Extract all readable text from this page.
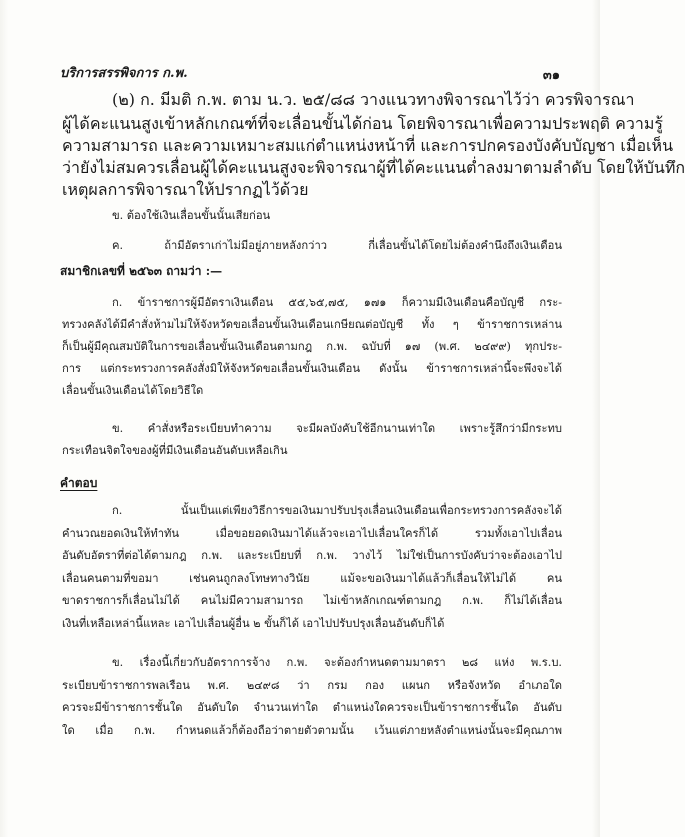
บริการสรรพิจการ ก.พ.	๓๑
(๒) ก. มีมติ ก.พ. ตาม น.ว. ๒๕/๘๘ วางแนวทางพิจารณาไว้ว่า ควรพิจารณา
ผู้ได้คะแนนสูงเข้าหลักเกณฑ์ที่จะเลื่อนขั้นได้ก่อน โดยพิจารณาเพื่อความประพฤติ ความรู้
ความสามารถ และความเหมาะสมแก่ตำแหน่งหน้าที่ และการปกครองบังคับบัญชา เมื่อเห็น
ว่ายังไม่สมควรเลื่อนผู้ได้คะแนนสูงจะพิจารณาผู้ที่ได้คะแนนต่ำลงมาตามลำดับ โดยให้บันทึก
เหตุผลการพิจารณาให้ปรากฏไว้ด้วย
ข. ต้องใช้เงินเลื่อนขั้นนั้นเสียก่อน
ค. ถ้ามีอัตราเก่าไม่มีอยู่ภายหลังกว่าว กี่เลื่อนขั้นได้โดยไม่ต้องคำนึงถึงเงินเดือน
สมาชิกเลขที่ ๒๕๖๓ ถามว่า :—
ก. ข้าราชการผู้มีอัตราเงินเดือน ๕๕,๖๕,๗๕, ๑๗๑ ก็ความมีเงินเดือนคือบัญชี กระ-
ทรวงคลังได้มีคำสั่งห้ามไม่ให้จังหวัดขอเลื่อนขั้นเงินเดือนเกษียณต่อบัญชี ทั้ง ๆ ข้าราชการเหล่าน
ก็เป็นผู้มีคุณสมบัติในการขอเลื่อนขั้นเงินเดือนตามกฎ ก.พ. ฉบับที่ ๑๗ (พ.ศ. ๒๔๙๙) ทุกประ-
การ แต่กระทรวงการคลังสั่งมิให้จังหวัดขอเลื่อนขั้นเงินเดือน ดังนั้น ข้าราชการเหล่านี้จะพึงจะได้
เลื่อนขั้นเงินเดือนได้โดยวิธีใด
ข. คำสั่งหรือระเบียบทำความ จะมีผลบังคับใช้อีกนานเท่าใด เพราะรู้สึกว่ามีกระทบ
กระเทือนจิตใจของผู้ที่มีเงินเดือนอันดับเหลือเกิน
คำตอบ
ก. นั้นเป็นแต่เพียงวิธีการขอเงินมาปรับปรุงเลื่อนเงินเดือนเพื่อกระทรวงการคลังจะได้
คำนวณยอดเงินให้ทำทัน เมื่อขอยอดเงินมาได้แล้วจะเอาไปเลื่อนใครก็ได้ รวมทั้งเอาไปเลื่อน
อันดับอัตราที่ต่อได้ตามกฎ ก.พ. และระเบียบที่ ก.พ. วางไว้ ไม่ใช่เป็นการบังคับว่าจะต้องเอาไป
เลื่อนคนตามที่ขอมา เช่นคนถูกลงโทษทางวินัย แม้จะขอเงินมาได้แล้วก็เลื่อนให้ไม่ได้ คน
ขาดราชการก็เลื่อนไม่ได้ คนไม่มีความสามารถ ไม่เข้าหลักเกณฑ์ตามกฎ ก.พ. ก็ไม่ได้เลื่อน
เงินที่เหลือเหล่านี้แหละ เอาไปเลื่อนผู้อื่น ๒ ขั้นก็ได้ เอาไปปรับปรุงเลื่อนอันดับก็ได้
ข. เรื่องนี้เกี่ยวกับอัตราการจ้าง ก.พ. จะต้องกำหนดตามมาตรา ๒๘ แห่ง พ.ร.บ.
ระเบียบข้าราชการพลเรือน พ.ศ. ๒๔๙๘ ว่า กรม กอง แผนก หรือจังหวัด อำเภอใด
ควรจะมีข้าราชการชั้นใด อันดับใด จำนวนเท่าใด ตำแหน่งใดควรจะเป็นข้าราชการชั้นใด อันดับ
ใด เมื่อ ก.พ. กำหนดแล้วก็ต้องถือว่าตายตัวตามนั้น เว้นแต่ภายหลังตำแหน่งนั้นจะมีคุณภาพ
